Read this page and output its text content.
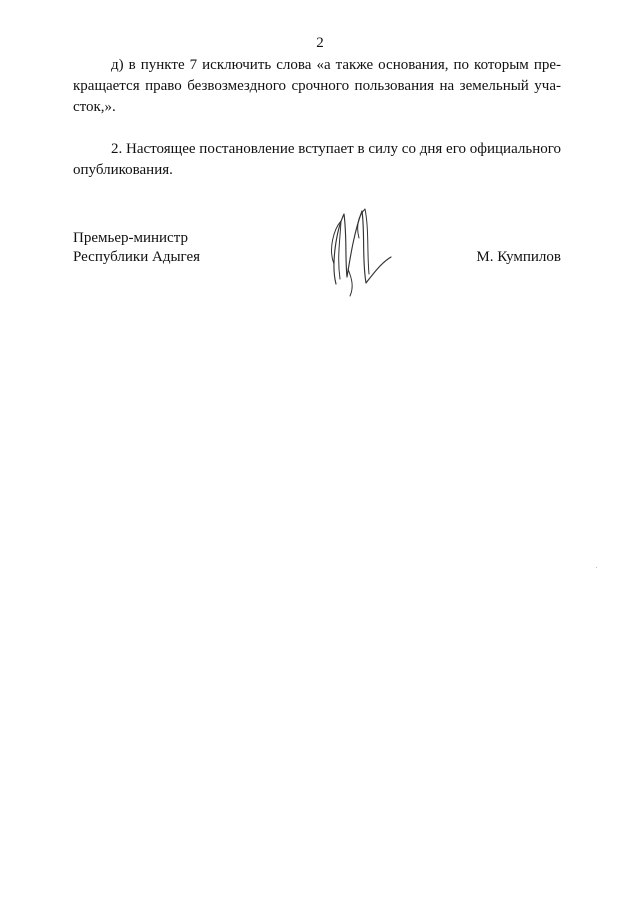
2

д) в пункте 7 исключить слова «а также основания, по которым пре-
кращается право безвозмездного срочного пользования на земельный уча-
сток,».

2. Настоящее постановление вступает в силу со дня его официального
опубликования.

Премьер-министр
Республики Адыгея	М. Кумпилов
